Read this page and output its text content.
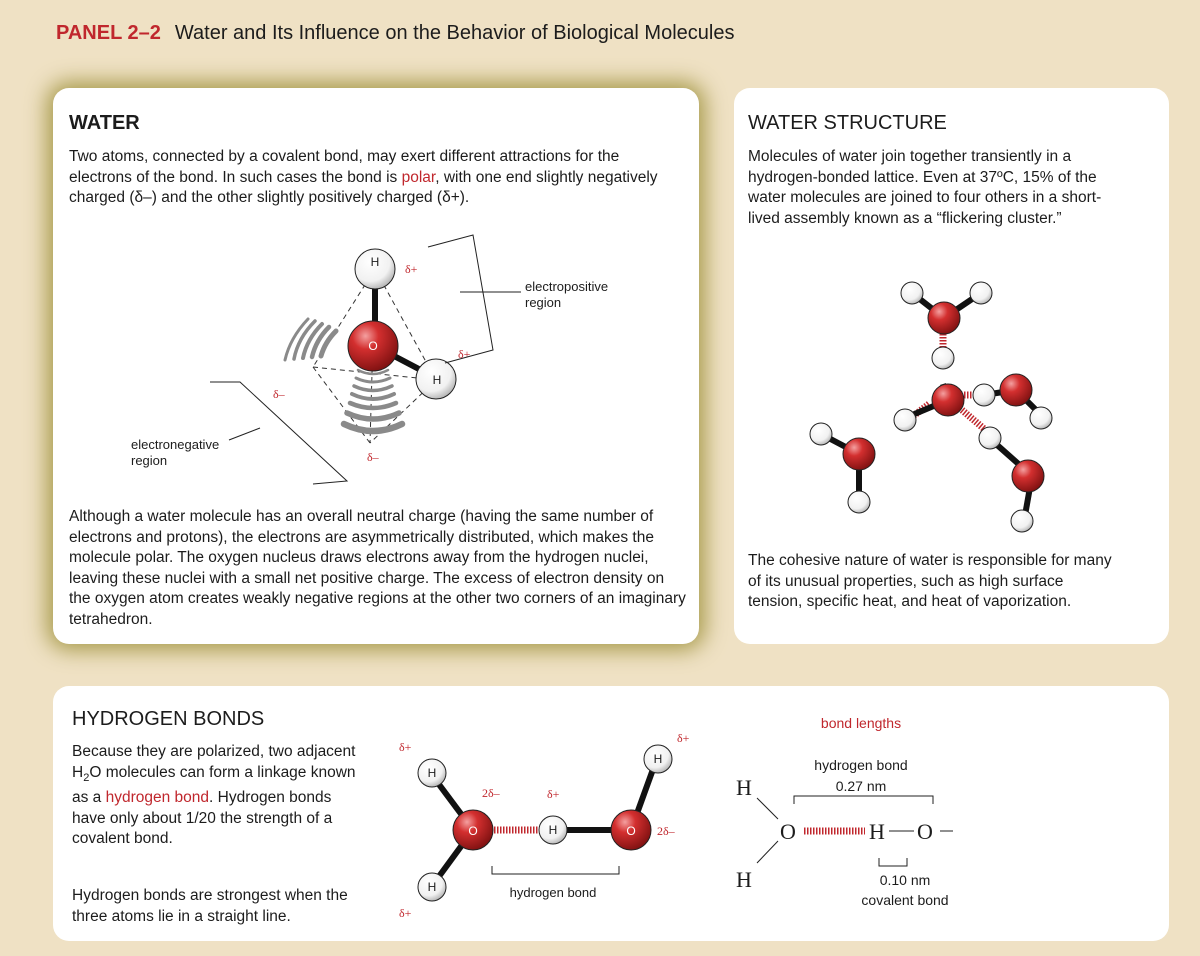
PANEL 2–2 Water and Its Influence on the Behavior of Biological Molecules
WATER

Two atoms, connected by a covalent bond, may exert different attractions for the electrons of the bond. In such cases the bond is polar, with one end slightly negatively charged (δ–) and the other slightly positively charged (δ+).

H
O
H
δ+
δ+
δ–
δ–
electropositive
region
electronegative
region

Although a water molecule has an overall neutral charge (having the same number of electrons and protons), the electrons are asymmetrically distributed, which makes the molecule polar. The oxygen nucleus draws electrons away from the hydrogen nuclei, leaving these nuclei with a small net positive charge. The excess of electron density on the oxygen atom creates weakly negative regions at the other two corners of an imaginary tetrahedron.

WATER STRUCTURE

Molecules of water join together transiently in a hydrogen-bonded lattice. Even at 37ºC, 15% of the water molecules are joined to four others in a short-lived assembly known as a “flickering cluster.”

The cohesive nature of water is responsible for many of its unusual properties, such as high surface tension, specific heat, and heat of vaporization.

HYDROGEN BONDS

Because they are polarized, two adjacent $H_2O$ molecules can form a linkage known as a hydrogen bond. Hydrogen bonds have only about 1/20 the strength of a covalent bond.

Hydrogen bonds are strongest when the three atoms lie in a straight line.

O	O
H
H
H
H
δ+
δ+
δ+
δ+
2δ–
2δ–
hydrogen bond
bond lengths
hydrogen bond
0.27 nm
H
H
O	H O
0.10 nm
covalent bond
